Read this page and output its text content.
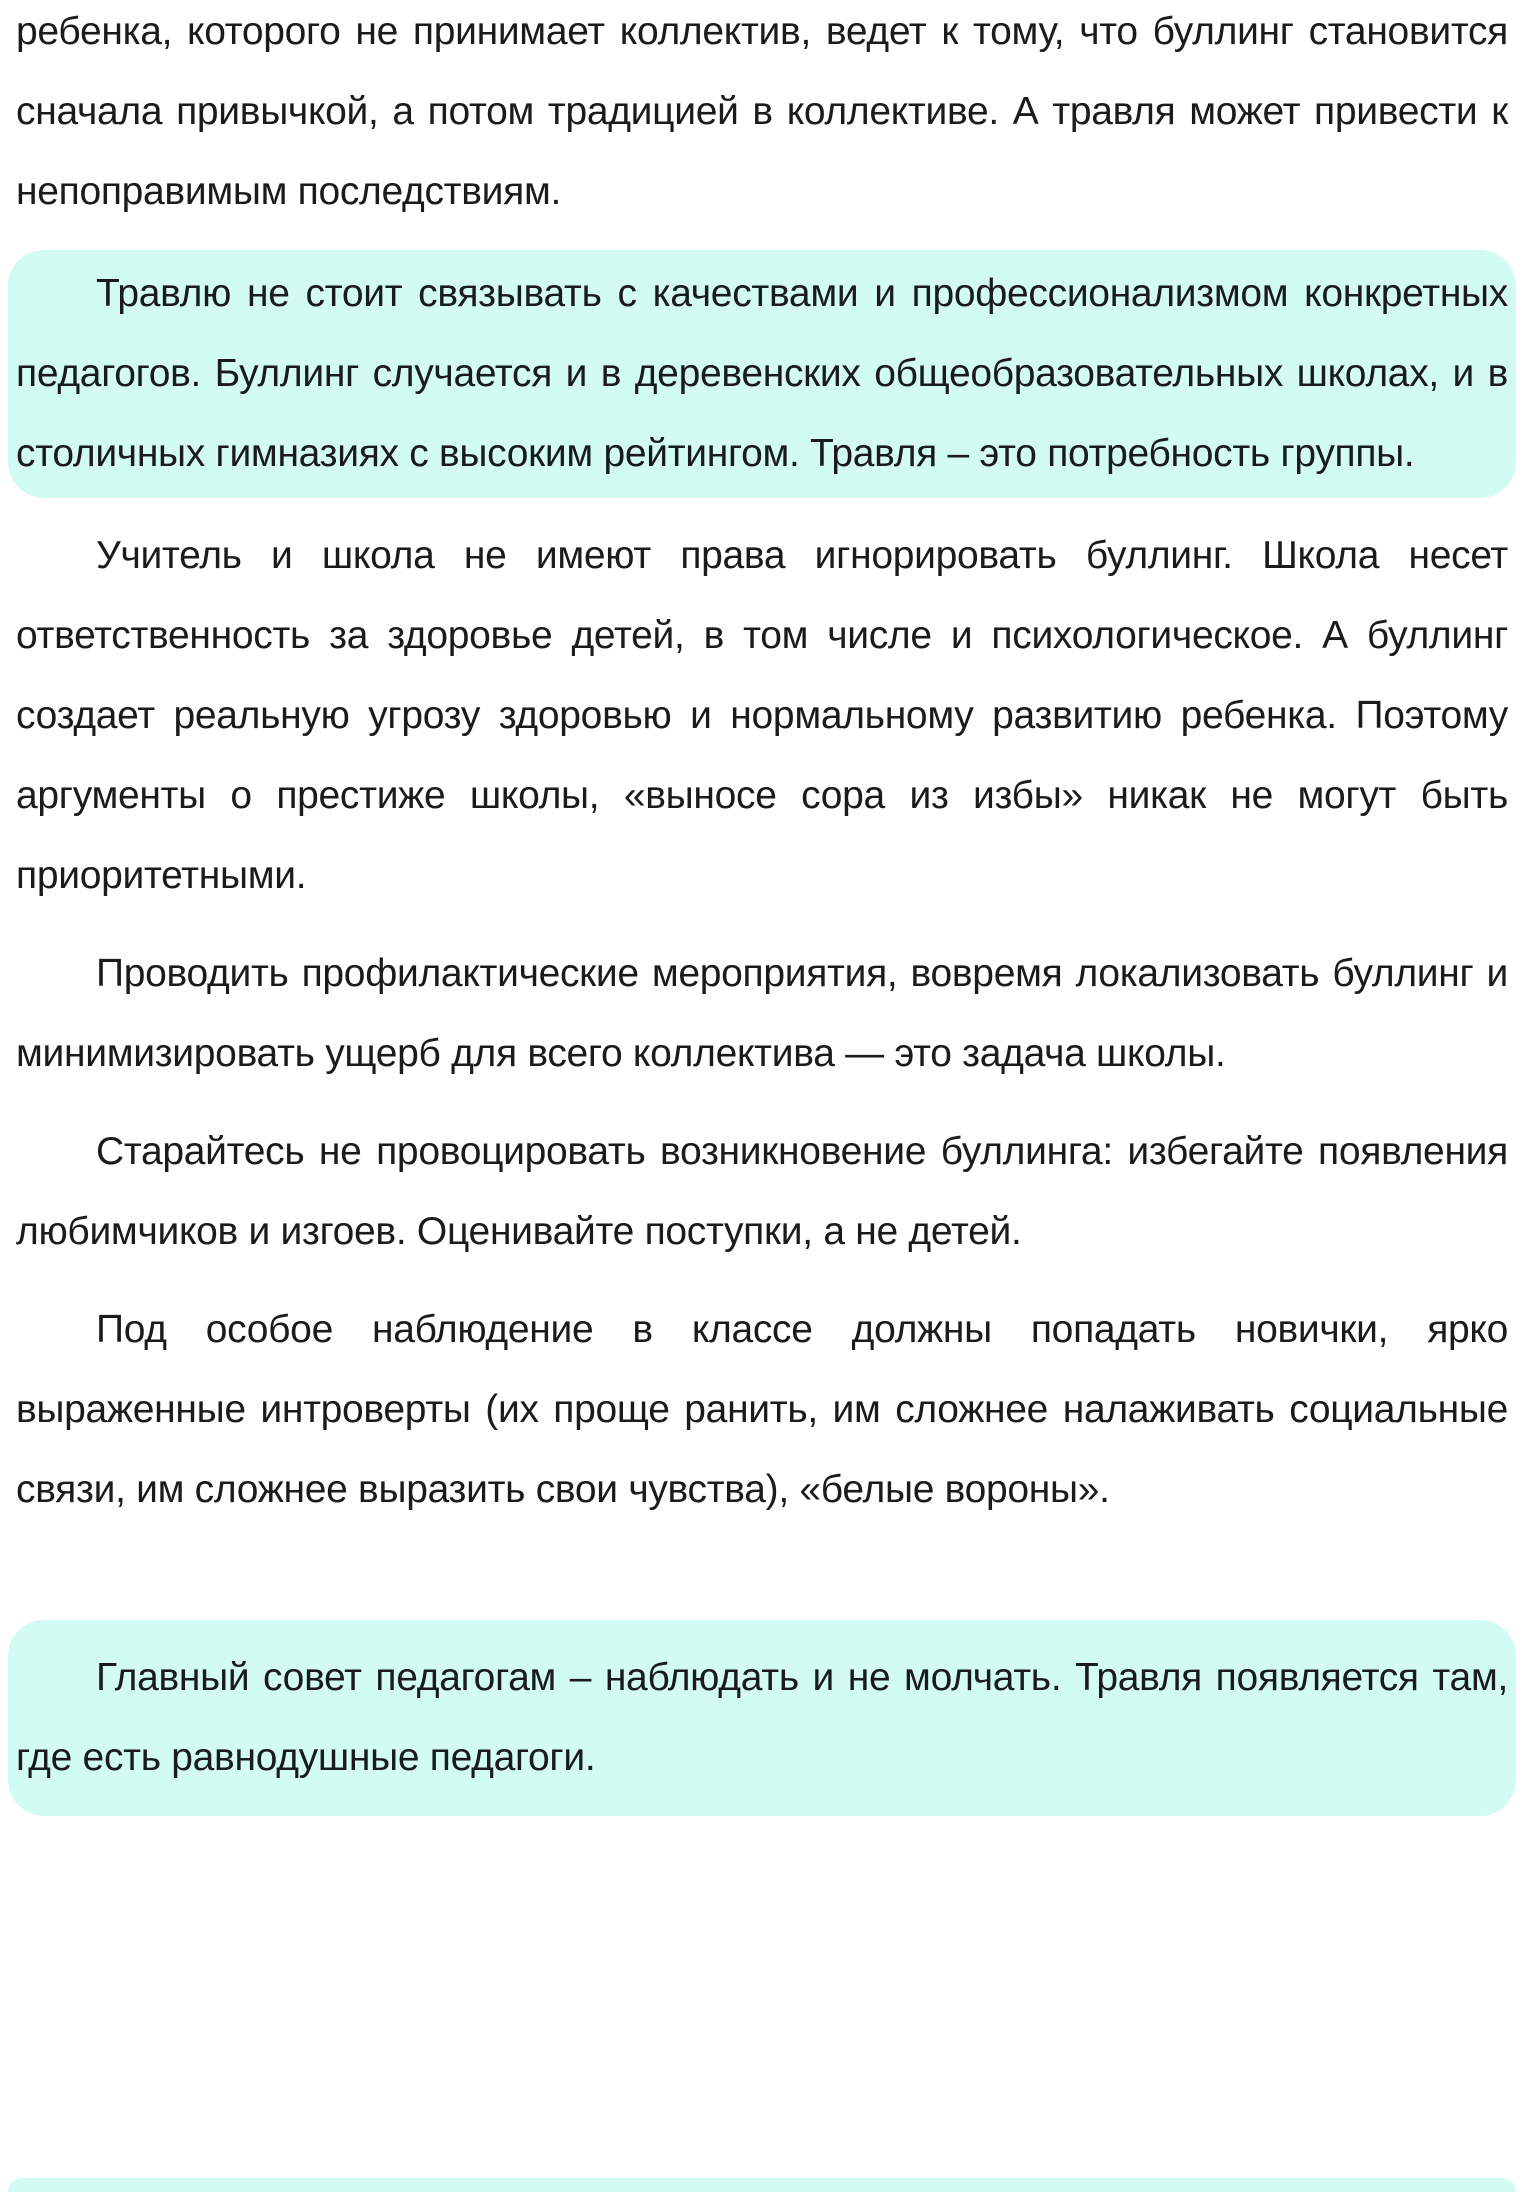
ребенка, которого не принимает коллектив, ведет к тому, что буллинг становится сначала привычкой, а потом традицией в коллективе. А травля может привести к непоправимым последствиям.

Травлю не стоит связывать с качествами и профессионализмом конкретных педагогов. Буллинг случается и в деревенских общеобразовательных школах, и в столичных гимназиях с высоким рейтингом. Травля – это потребность группы.

Учитель и школа не имеют права игнорировать буллинг. Школа несет ответственность за здоровье детей, в том числе и психологическое. А буллинг создает реальную угрозу здоровью и нормальному развитию ребенка. Поэтому аргументы о престиже школы, «выносе сора из избы» никак не могут быть приоритетными.

Проводить профилактические мероприятия, вовремя локализовать буллинг и минимизировать ущерб для всего коллектива — это задача школы.

Старайтесь не провоцировать возникновение буллинга: избегайте появления любимчиков и изгоев. Оценивайте поступки, а не детей.

Под особое наблюдение в классе должны попадать новички, ярко выраженные интроверты (их проще ранить, им сложнее налаживать социальные связи, им сложнее выразить свои чувства), «белые вороны».

Главный совет педагогам – наблюдать и не молчать. Травля появляется там, где есть равнодушные педагоги.
